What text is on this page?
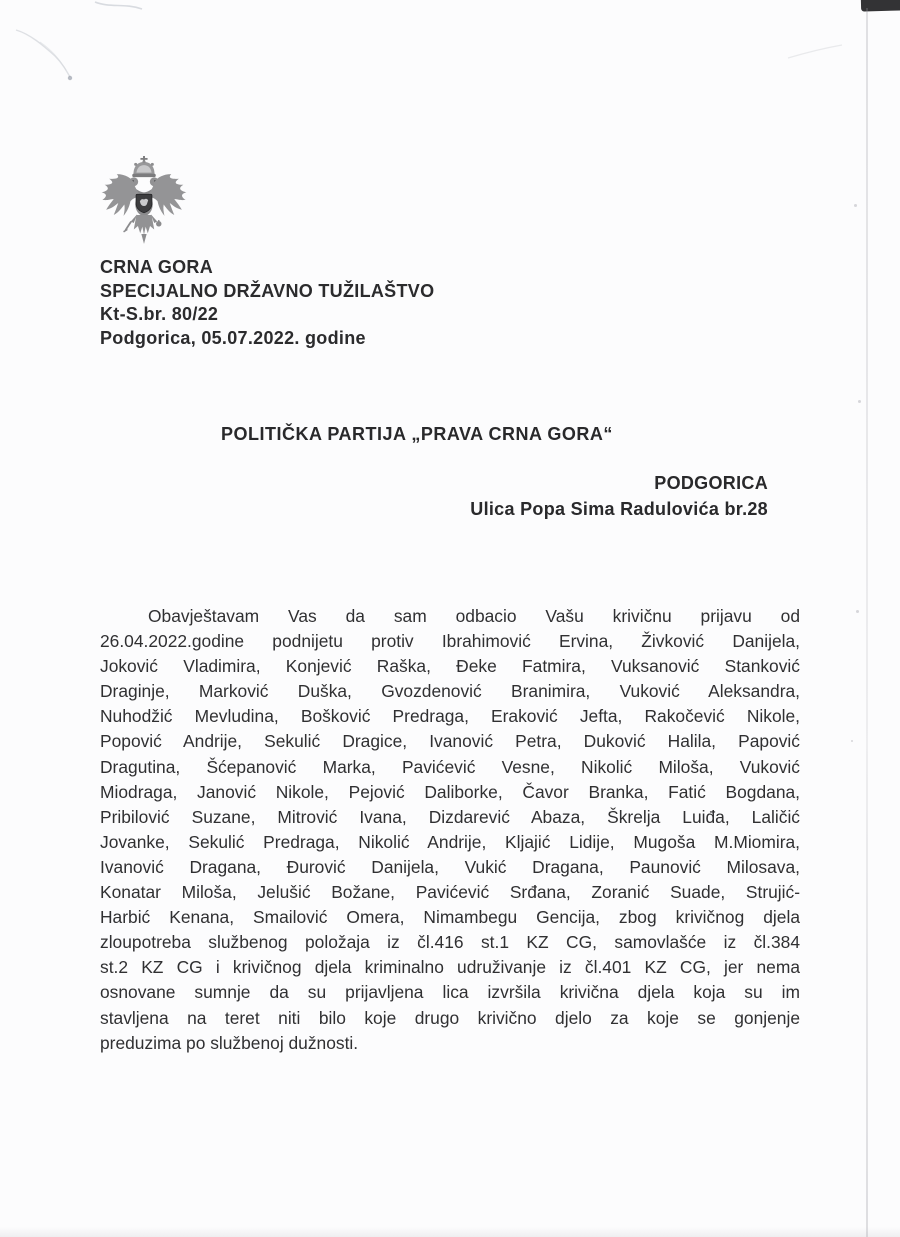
CRNA GORA
SPECIJALNO DRŽAVNO TUŽILAŠTVO
Kt-S.br. 80/22
Podgorica, 05.07.2022. godine
POLITIČKA PARTIJA „PRAVA CRNA GORA“
PODGORICA
Ulica Popa Sima Radulovića br.28
Obavještavam Vas da sam odbacio Vašu krivičnu prijavu od
26.04.2022.godine podnijetu protiv Ibrahimović Ervina, Živković Danijela,
Joković Vladimira, Konjević Raška, Đeke Fatmira, Vuksanović Stanković
Draginje, Marković Duška, Gvozdenović Branimira, Vuković Aleksandra,
Nuhodžić Mevludina, Bošković Predraga, Eraković Jefta, Rakočević Nikole,
Popović Andrije, Sekulić Dragice, Ivanović Petra, Duković Halila, Papović
Dragutina, Šćepanović Marka, Pavićević Vesne, Nikolić Miloša, Vuković
Miodraga, Janović Nikole, Pejović Daliborke, Čavor Branka, Fatić Bogdana,
Pribilović Suzane, Mitrović Ivana, Dizdarević Abaza, Škrelja Luiđa, Laličić
Jovanke, Sekulić Predraga, Nikolić Andrije, Kljajić Lidije, Mugoša M.Miomira,
Ivanović Dragana, Đurović Danijela, Vukić Dragana, Paunović Milosava,
Konatar Miloša, Jelušić Božane, Pavićević Srđana, Zoranić Suade, Strujić-
Harbić Kenana, Smailović Omera, Nimambegu Gencija, zbog krivičnog djela
zloupotreba službenog položaja iz čl.416 st.1 KZ CG, samovlašće iz čl.384
st.2 KZ CG i krivičnog djela kriminalno udruživanje iz čl.401 KZ CG, jer nema
osnovane sumnje da su prijavljena lica izvršila krivična djela koja su im
stavljena na teret niti bilo koje drugo krivično djelo za koje se gonjenje
preduzima po službenoj dužnosti.
